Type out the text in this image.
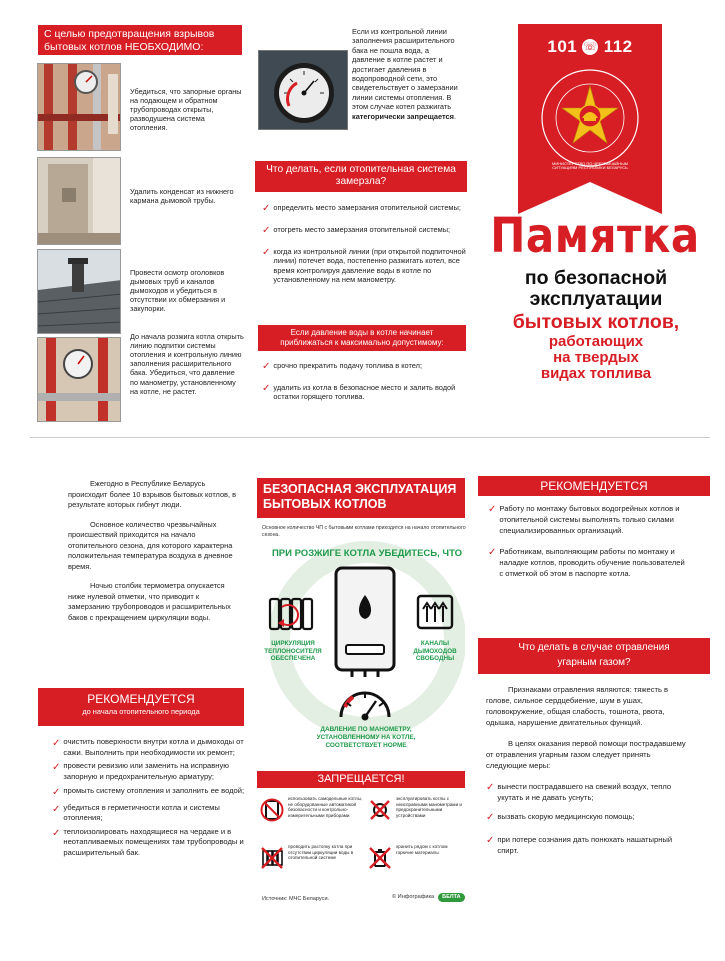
С целью предотвращения взрывов бытовых котлов НЕОБХОДИМО:
Убедиться, что запорные органы на подающем и обратном трубопроводах открыты, разводушена система отопления.
Удалить конденсат из нижнего кармана дымовой трубы.
Провести осмотр оголовков дымовых труб и каналов дымоходов и убедиться в отсутствии их обмерзания и закупорки.
До начала розжига котла открыть линию подпитки системы отопления и контрольную линию заполнения расширительного бака. Убедиться, что давление по манометру, установленному на котле, не растет.
Если из контрольной линии заполнения расширительного бака не пошла вода, а давление в котле растет и достигает давления в водопроводной сети, это свидетельствует о замерзании линии системы отопления. В этом случае котел разжигать категорически запрещается.
Что делать, если отопительная система замерзла?
✓ определить место замерзания отопительной системы;
✓ отогреть место замерзания отопительной системы;
✓ когда из контрольной линии (при открытой подпиточной линии) потечет вода, постепенно разжигать котел, все время контролируя давление воды в котле по установленному на нем манометру.
Если давление воды в котле начинает приближаться к максимально допустимому:
✓ срочно прекратить подачу топлива в котел;
✓ удалить из котла в безопасное место и залить водой остатки горящего топлива.
101 ☏ 112
МИНИСТЕРСТВО ПО ЧРЕЗВЫЧАЙНЫМ СИТУАЦИЯМ РЕСПУБЛИКИ БЕЛАРУСЬ
Памятка
по безопасной
эксплуатации
бытовых котлов,
работающих
на твердых
видах топлива

Ежегодно в Республике Беларусь происходит более 10 взрывов бытовых котлов, в результате которых гибнут люди.

Основное количество чрезвычайных происшествий приходится на начало отопительного сезона, для которого характерна положительная температура воздуха в дневное время.

Ночью столбик термометра опускается ниже нулевой отметки, что приводит к замерзанию трубопроводов и расширительных баков с прекращением циркуляции воды.

РЕКОМЕНДУЕТСЯ
до начала отопительного периода
✓ очистить поверхности внутри котла и дымоходы от сажи. Выполнить при необходимости их ремонт;
✓ провести ревизию или заменить на исправную запорную и предохранительную арматуру;
✓ промыть систему отопления и заполнить ее водой;
✓ убедиться в герметичности котла и системы отопления;
✓ теплоизолировать находящиеся на чердаке и в неотапливаемых помещениях там трубопроводы и расширительный бак.
БЕЗОПАСНАЯ ЭКСПЛУАТАЦИЯ БЫТОВЫХ КОТЛОВ
Основное количество ЧП с бытовыми котлами приходится на начало отопительного сезона.
ПРИ РОЗЖИГЕ КОТЛА УБЕДИТЕСЬ, ЧТО
ЦИРКУЛЯЦИЯ ТЕПЛОНОСИТЕЛЯ ОБЕСПЕЧЕНА
КАНАЛЫ ДЫМОХОДОВ СВОБОДНЫ
ДАВЛЕНИЕ ПО МАНОМЕТРУ, УСТАНОВЛЕННОМУ НА КОТЛЕ, СООТВЕТСТВУЕТ НОРМЕ
ЗАПРЕЩАЕТСЯ!
использовать самодельные котлы, не оборудованные автоматикой безопасности и контрольно-измерительными приборами
эксплуатировать котлы с неисправными манометрами и предохранительными устройствами
проводить растопку котла при отсутствии циркуляции воды в отопительной системе
хранить рядом с котлом горючие материалы
Источник: МЧС Беларуси.	© Инфографика	БЕЛТА
РЕКОМЕНДУЕТСЯ
✓ Работу по монтажу бытовых водогрейных котлов и отопительной системы выполнять только силами специализированных организаций.
✓ Работникам, выполняющим работы по монтажу и наладке котлов, проводить обучение пользователей с отметкой об этом в паспорте котла.
Что делать в случае отравления угарным газом?

Признаками отравления являются: тяжесть в голове, сильное сердцебиение, шум в ушах, головокружение, общая слабость, тошнота, рвота, одышка, нарушение двигательных функций.

В целях оказания первой помощи пострадавшему от отравления угарным газом следует принять следующие меры:

✓ вынести пострадавшего на свежий воздух, тепло укутать и не давать уснуть;
✓ вызвать скорую медицинскую помощь;
✓ при потере сознания дать понюхать нашатырный спирт.
